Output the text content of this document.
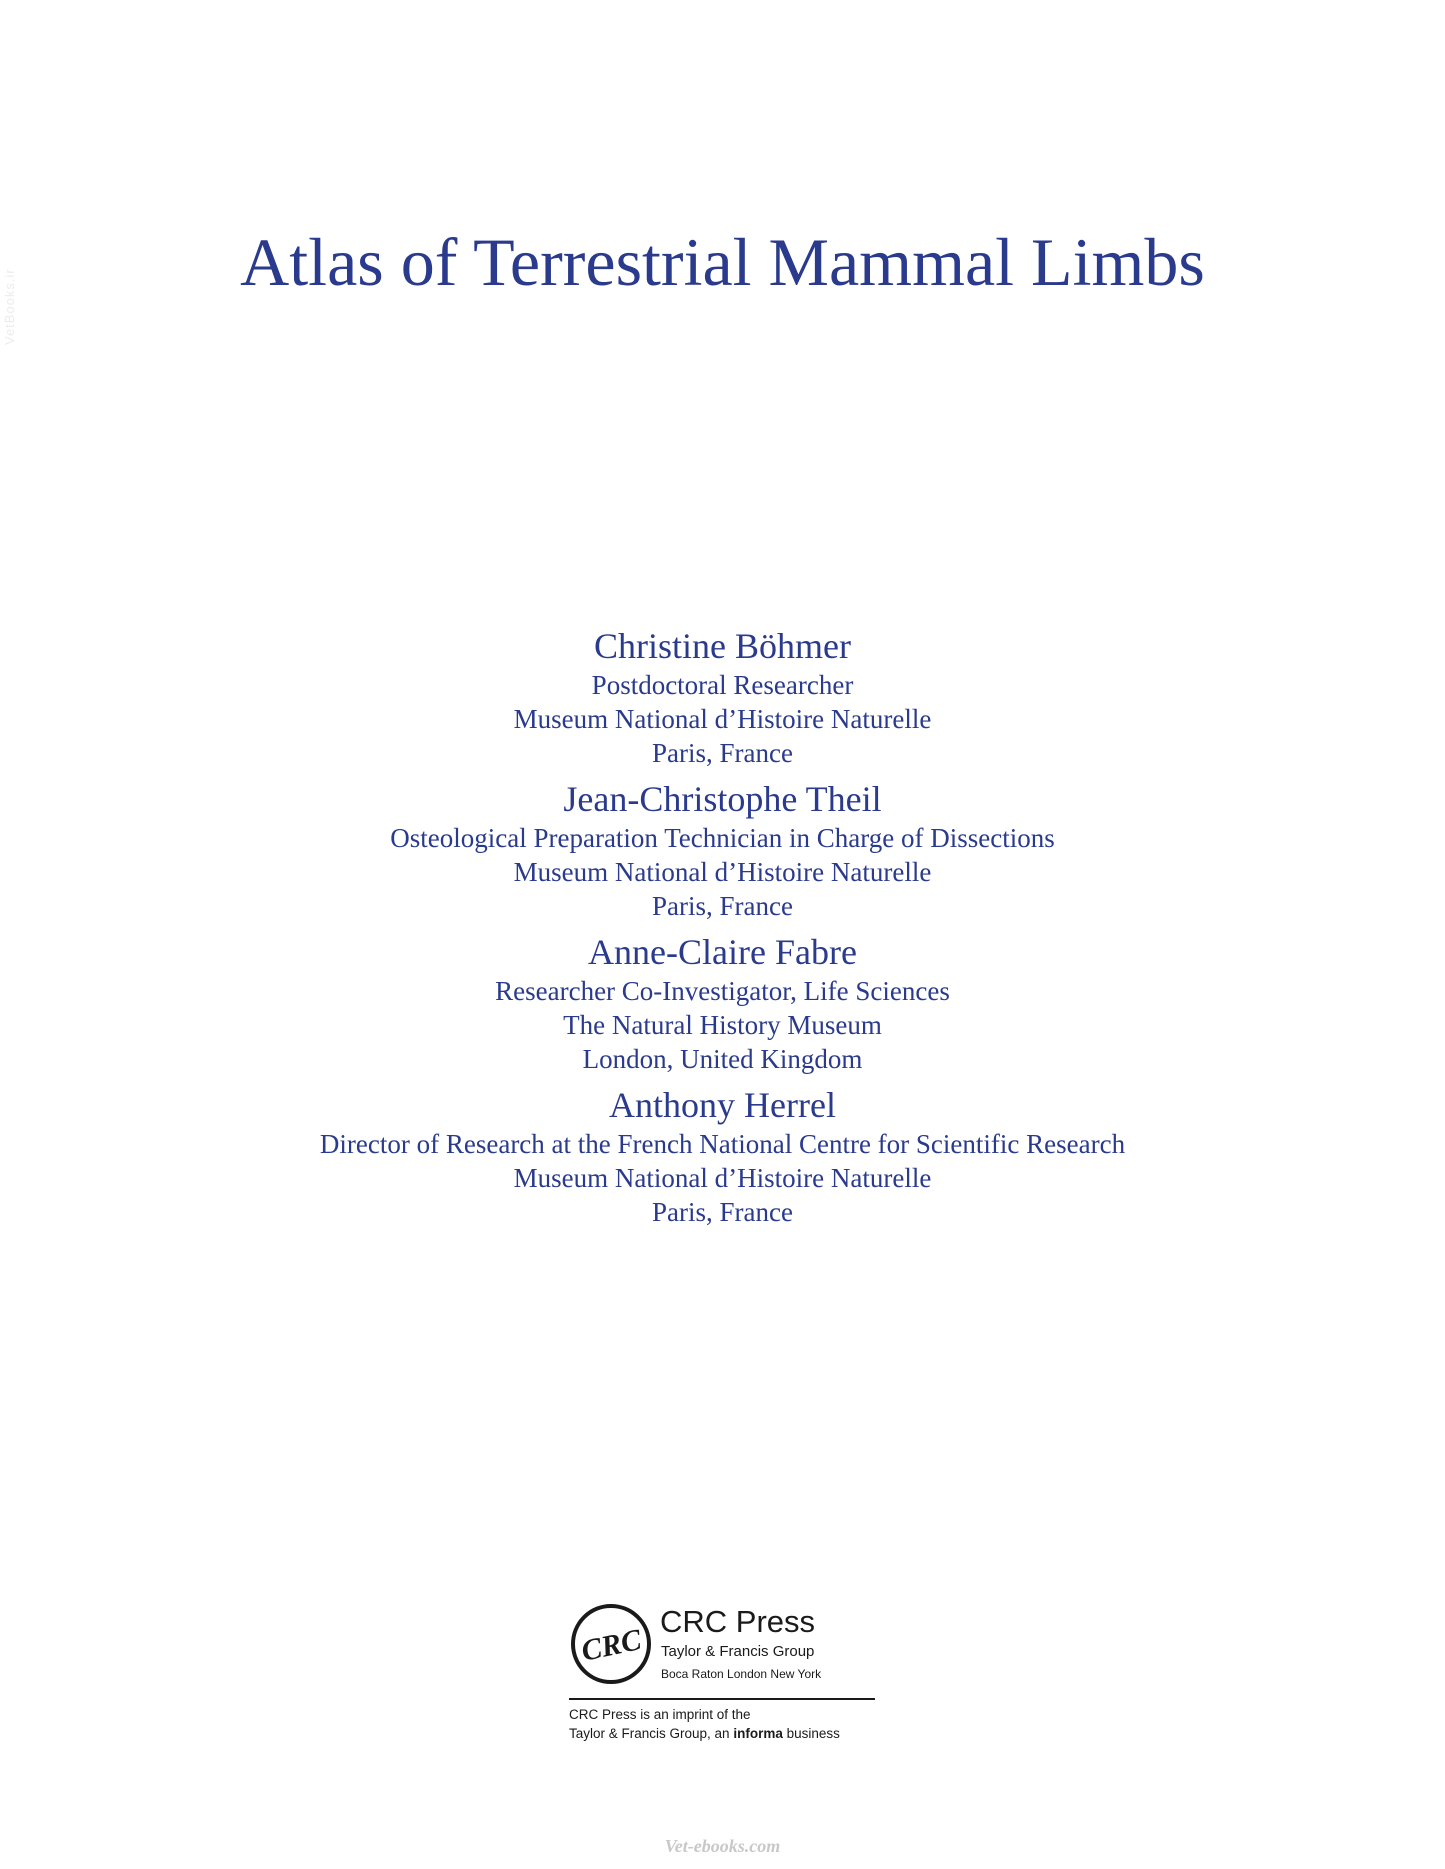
VetBooks.ir
Atlas of Terrestrial Mammal Limbs
Christine Böhmer
Postdoctoral Researcher
Museum National d’Histoire Naturelle
Paris, France
Jean-Christophe Theil
Osteological Preparation Technician in Charge of Dissections
Museum National d’Histoire Naturelle
Paris, France
Anne-Claire Fabre
Researcher Co-Investigator, Life Sciences
The Natural History Museum
London, United Kingdom
Anthony Herrel
Director of Research at the French National Centre for Scientific Research
Museum National d’Histoire Naturelle
Paris, France
CRC
CRC Press
Taylor & Francis Group
Boca Raton London New York
CRC Press is an imprint of the
Taylor & Francis Group, an informa business
Vet-ebooks.com
